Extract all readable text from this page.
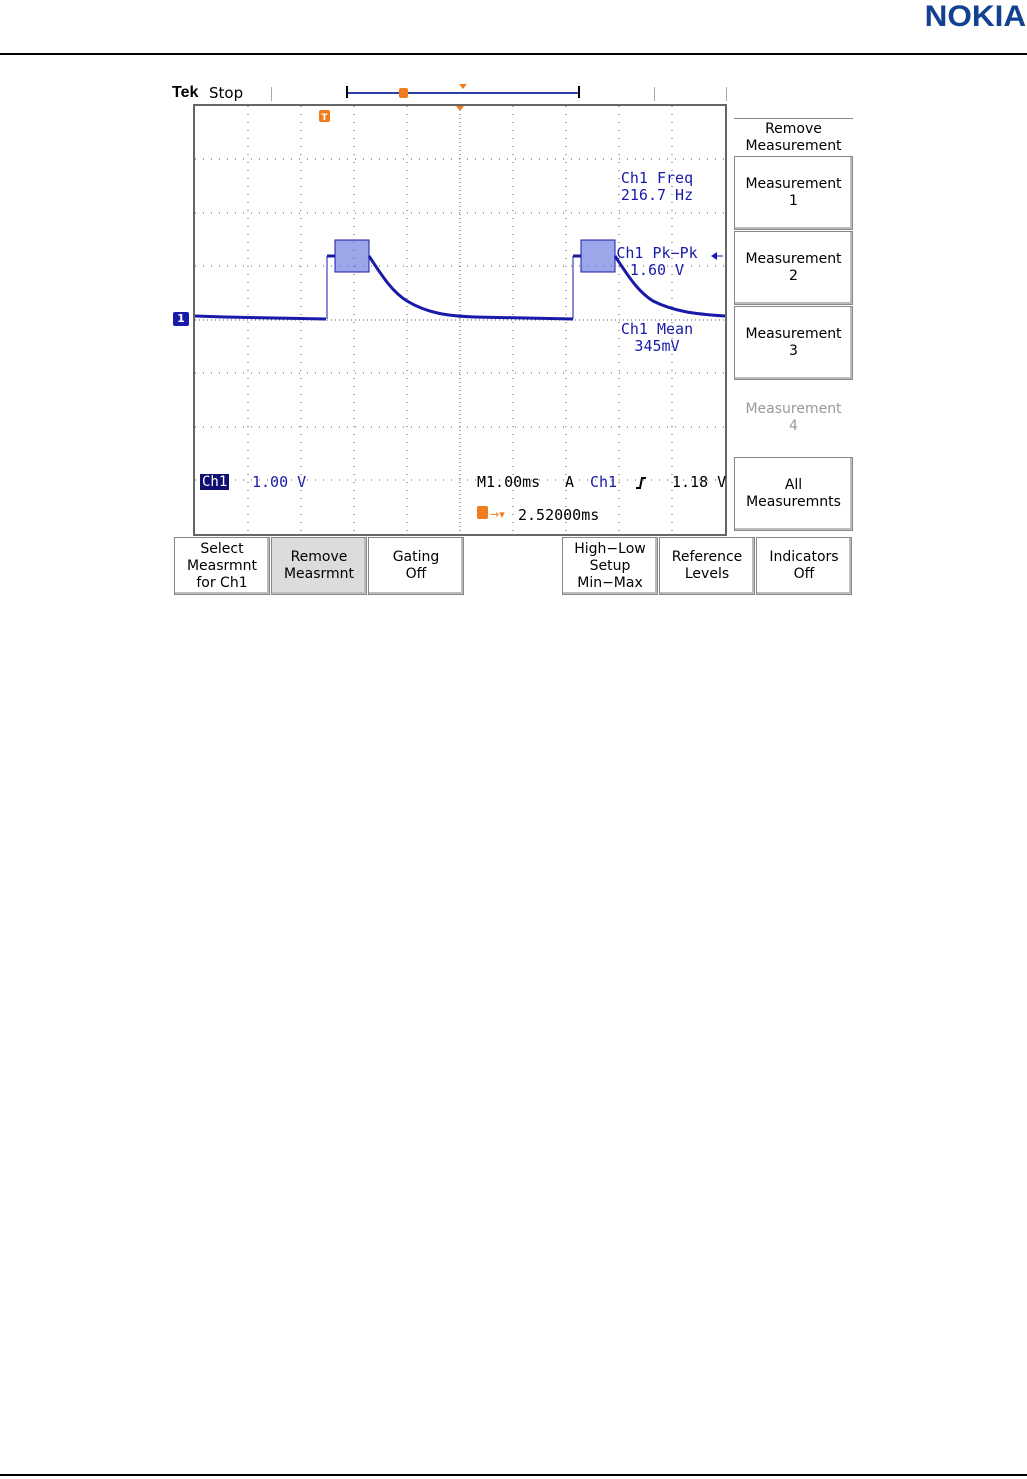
NOKIA
Tek Stop
T
1
Ch1 Freq
216.7 Hz
Ch1 Pk−Pk
1.60 V
Ch1 Mean
345mV
Ch1 1.00 V	M1.00ms A Ch1	1.18 V
→▾ 2.52000ms
Remove
Measurement
Measurement
1
Measurement
2
Measurement
3
Measurement
4
All
Measuremnts
Select
Measrmnt
for Ch1
Remove
Measrmnt
Gating
Off
High−Low
Setup
Min−Max
Reference
Levels
Indicators
Off
